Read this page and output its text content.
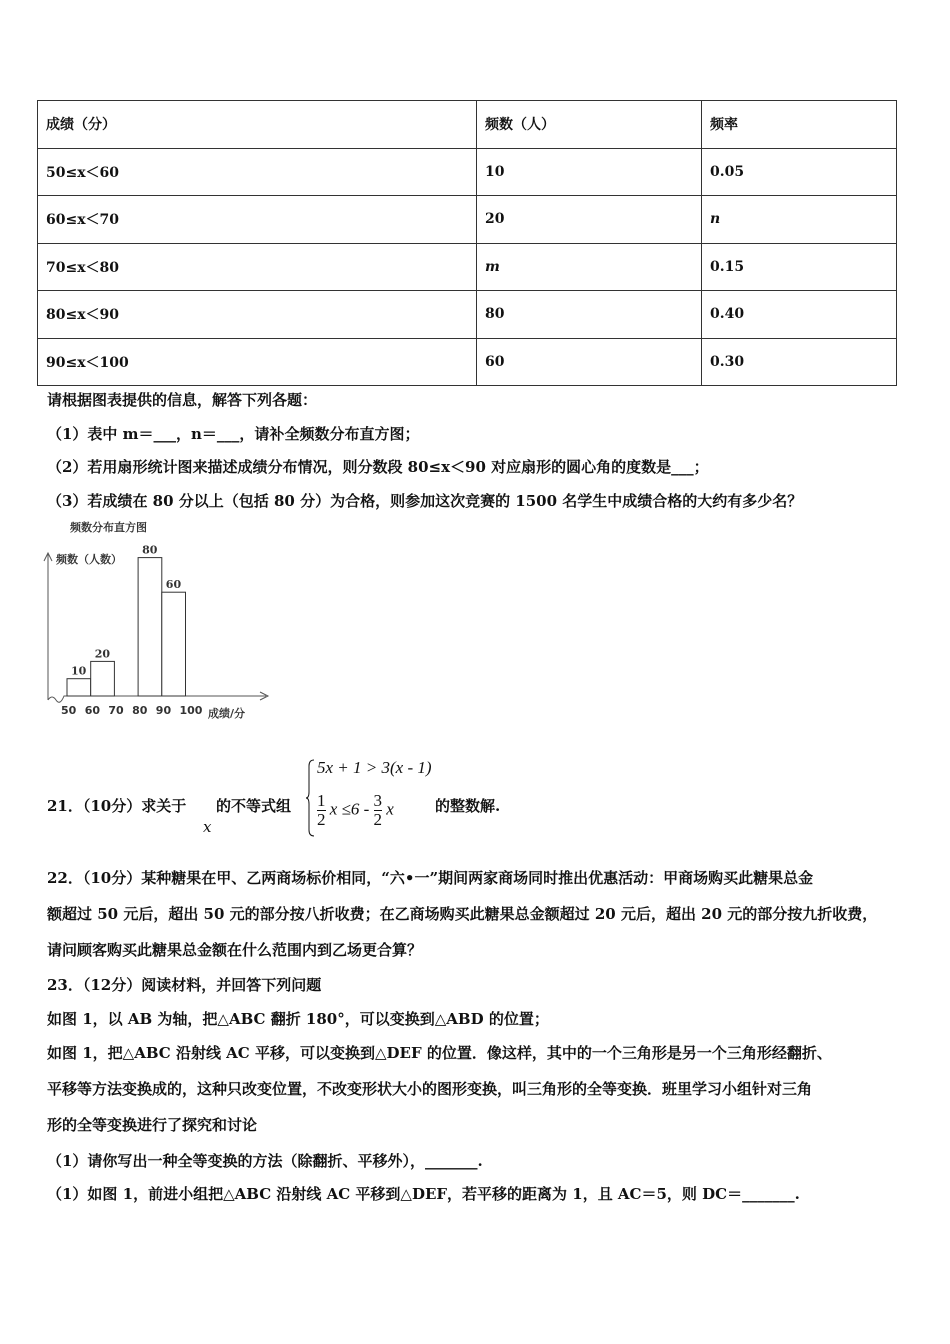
成绩（分）	频数（人）	频率
50≤x＜60	10	0.05
60≤x＜70	20	n
70≤x＜80	m	0.15
80≤x＜90	80	0.40
90≤x＜100	60	0.30
请根据图表提供的信息，解答下列各题：
（1）表中 m＝___，n＝___，请补全频数分布直方图；
（2）若用扇形统计图来描述成绩分布情况，则分数段 80≤x＜90 对应扇形的圆心角的度数是___；
（3）若成绩在 80 分以上（包括 80 分）为合格，则参加这次竞赛的 1500 名学生中成绩合格的大约有多少名？
频数分布直方图
频数（人数）
成绩/分
50 60 70 80 90 100
10
20
80
60
21．（10分）求关于
x
的不等式组
5x + 1 > 3(x - 1)
$\frac{1}{2}$ $x \le 6 - \frac{3}{2}$ x	的整数解.
22．（10分）某种糖果在甲、乙两商场标价相同，“六•一”期间两家商场同时推出优惠活动：甲商场购买此糖果总金
额超过 50 元后，超出 50 元的部分按八折收费；在乙商场购买此糖果总金额超过 20 元后，超出 20 元的部分按九折收费，
请问顾客购买此糖果总金额在什么范围内到乙场更合算？
23．（12分）阅读材料，并回答下列问题
如图 1，以 AB 为轴，把△ABC 翻折 180°，可以变换到△ABD 的位置；
如图 1，把△ABC 沿射线 AC 平移，可以变换到△DEF 的位置．像这样，其中的一个三角形是另一个三角形经翻折、
平移等方法变换成的，这种只改变位置，不改变形状大小的图形变换，叫三角形的全等变换．班里学习小组针对三角
形的全等变换进行了探究和讨论
（1）请你写出一种全等变换的方法（除翻折、平移外），_______.
（1）如图 1，前进小组把△ABC 沿射线 AC 平移到△DEF，若平移的距离为 1，且 AC＝5，则 DC＝_______.
